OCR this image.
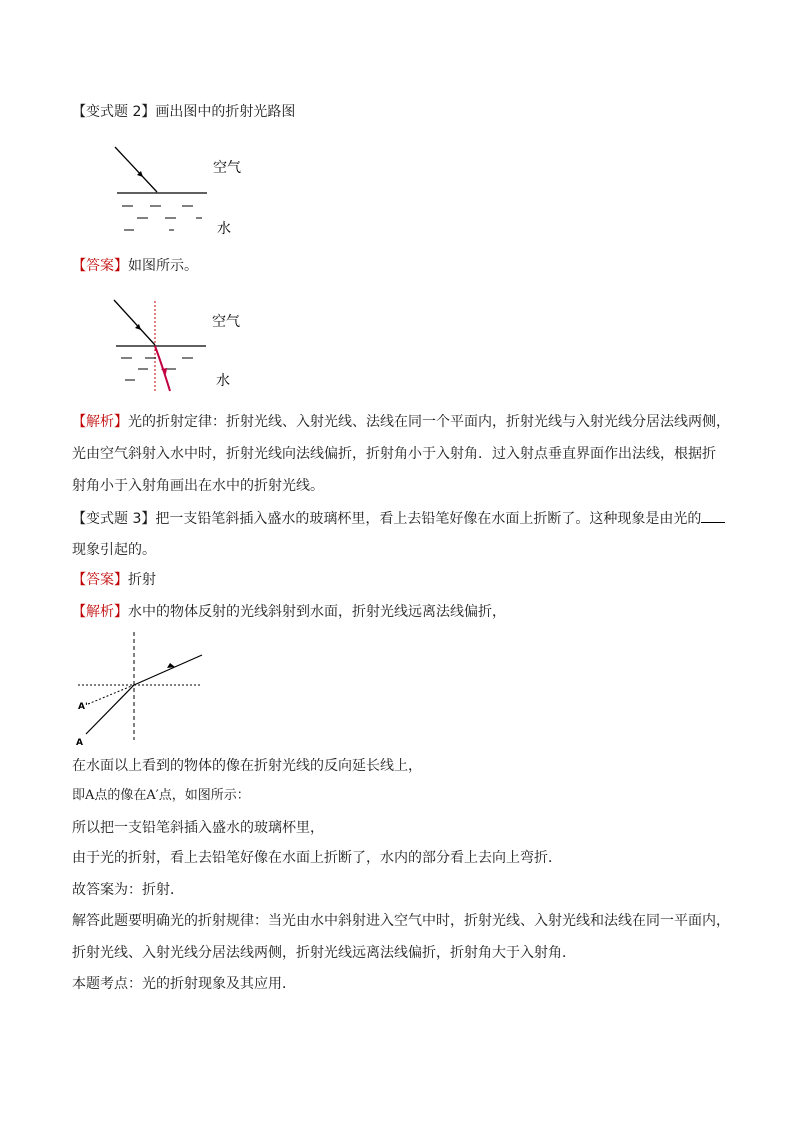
【变式题 2】画出图中的折射光路图
空气
水
【答案】如图所示。
空气
水
【解析】光的折射定律：折射光线、入射光线、法线在同一个平面内，折射光线与入射光线分居法线两侧，
光由空气斜射入水中时，折射光线向法线偏折，折射角小于入射角．过入射点垂直界面作出法线，根据折
射角小于入射角画出在水中的折射光线。
【变式题 3】把一支铅笔斜插入盛水的玻璃杯里，看上去铅笔好像在水面上折断了。这种现象是由光的
现象引起的。
【答案】折射
【解析】水中的物体反射的光线斜射到水面，折射光线远离法线偏折，
A'
A
在水面以上看到的物体的像在折射光线的反向延长线上，
即A点的像在A′点，如图所示：
所以把一支铅笔斜插入盛水的玻璃杯里，
由于光的折射，看上去铅笔好像在水面上折断了，水内的部分看上去向上弯折．
故答案为：折射．
解答此题要明确光的折射规律：当光由水中斜射进入空气中时，折射光线、入射光线和法线在同一平面内，
折射光线、入射光线分居法线两侧，折射光线远离法线偏折，折射角大于入射角．
本题考点：光的折射现象及其应用．
